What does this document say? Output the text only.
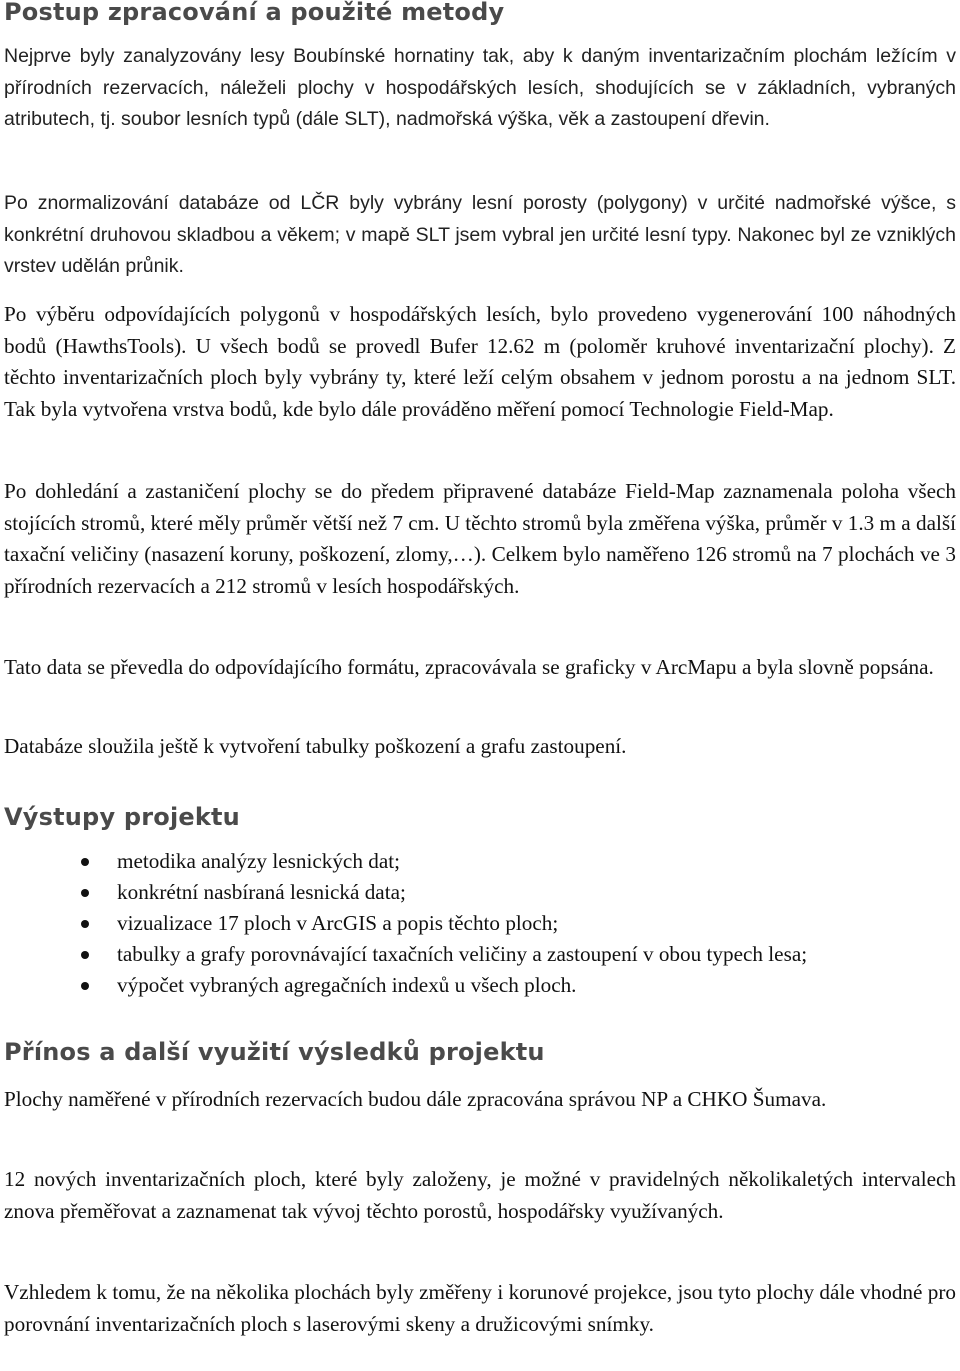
Postup zpracování a použité metody

Nejprve byly zanalyzovány lesy Boubínské hornatiny tak, aby k daným inventarizačním plochám ležícím v přírodních rezervacích, náleželi plochy v hospodářských lesích, shodujících se v základních, vybraných atributech, tj. soubor lesních typů (dále SLT), nadmořská výška, věk a zastoupení dřevin.

Po znormalizování databáze od LČR byly vybrány lesní porosty (polygony) v určité nadmořské výšce, s konkrétní druhovou skladbou a věkem; v mapě SLT jsem vybral jen určité lesní typy. Nakonec byl ze vzniklých vrstev udělán průnik.

Po výběru odpovídajících polygonů v hospodářských lesích, bylo provedeno vygenerování 100 náhodných bodů (HawthsTools). U všech bodů se provedl Bufer 12.62 m (poloměr kruhové inventarizační plochy). Z těchto inventarizačních ploch byly vybrány ty, které leží celým obsahem v jednom porostu a na jednom SLT. Tak byla vytvořena vrstva bodů, kde bylo dále prováděno měření pomocí Technologie Field-Map.

Po dohledání a zastaničení plochy se do předem připravené databáze Field-Map zaznamenala poloha všech stojících stromů, které měly průměr větší než 7 cm. U těchto stromů byla změřena výška, průměr v 1.3 m a další taxační veličiny (nasazení koruny, poškození, zlomy,…). Celkem bylo naměřeno 126 stromů na 7 plochách ve 3 přírodních rezervacích a 212 stromů v lesích hospodářských.

Tato data se převedla do odpovídajícího formátu, zpracovávala se graficky v ArcMapu a byla slovně popsána.

Databáze sloužila ještě k vytvoření tabulky poškození a grafu zastoupení.

Výstupy projektu
metodika analýzy lesnických dat;
konkrétní nasbíraná lesnická data;
vizualizace 17 ploch v ArcGIS a popis těchto ploch;
tabulky a grafy porovnávající taxačních veličiny a zastoupení v obou typech lesa;
výpočet vybraných agregačních indexů u všech ploch.
Přínos a další využití výsledků projektu

Plochy naměřené v přírodních rezervacích budou dále zpracována správou NP a CHKO Šumava.

12 nových inventarizačních ploch, které byly založeny, je možné v pravidelných několikaletých intervalech znova přeměřovat a zaznamenat tak vývoj těchto porostů, hospodářsky využívaných.

Vzhledem k tomu, že na několika plochách byly změřeny i korunové projekce, jsou tyto plochy dále vhodné pro porovnání inventarizačních ploch s laserovými skeny a družicovými snímky.
